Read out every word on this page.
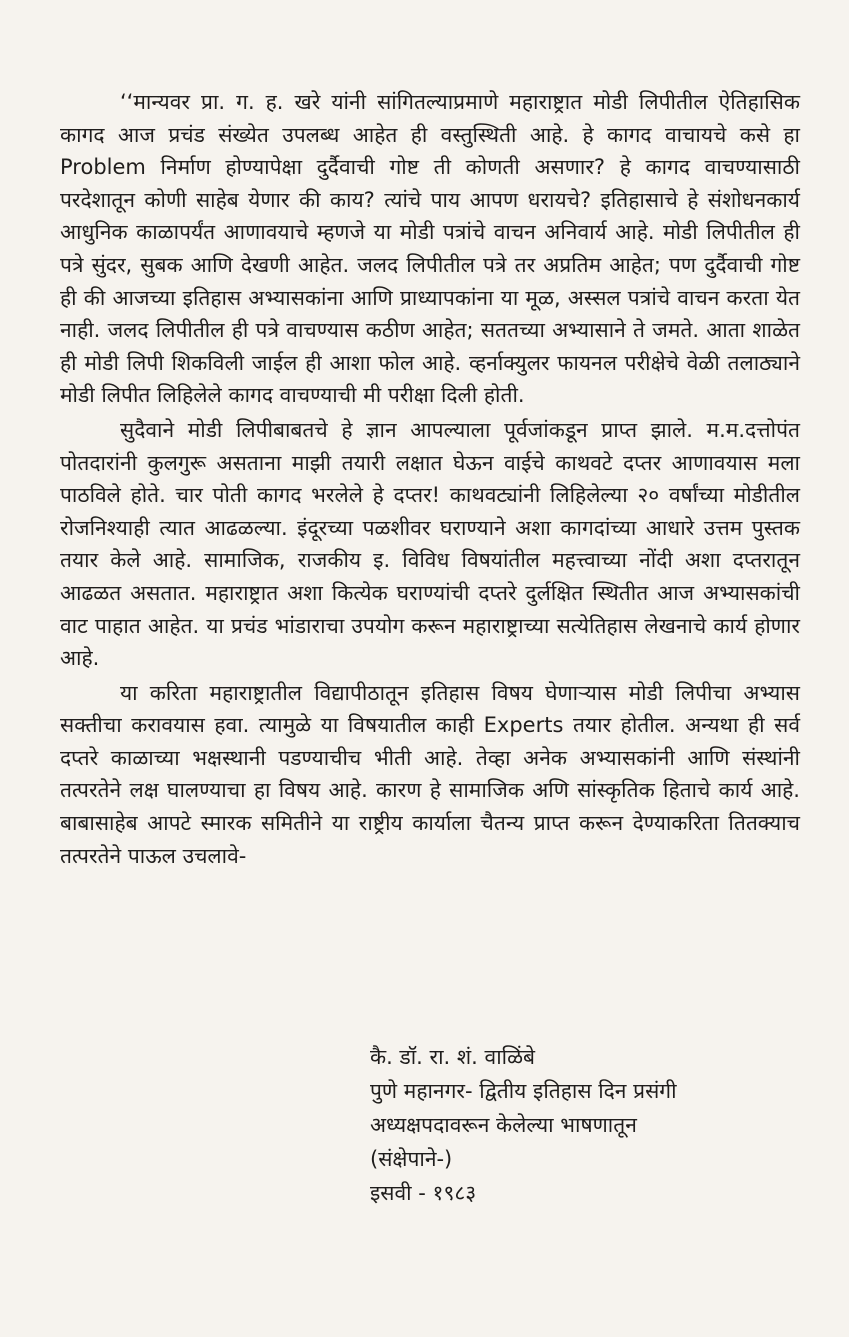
‘‘मान्यवर प्रा. ग. ह. खरे यांनी सांगितल्याप्रमाणे महाराष्ट्रात मोडी लिपीतील ऐतिहासिक कागद आज प्रचंड संख्येत उपलब्ध आहेत ही वस्तुस्थिती आहे. हे कागद वाचायचे कसे हा Problem निर्माण होण्यापेक्षा दुर्दैवाची गोष्ट ती कोणती असणार? हे कागद वाचण्यासाठी परदेशातून कोणी साहेब येणार की काय? त्यांचे पाय आपण धरायचे? इतिहासाचे हे संशोधनकार्य आधुनिक काळापर्यंत आणावयाचे म्हणजे या मोडी पत्रांचे वाचन अनिवार्य आहे. मोडी लिपीतील ही पत्रे सुंदर, सुबक आणि देखणी आहेत. जलद लिपीतील पत्रे तर अप्रतिम आहेत; पण दुर्दैवाची गोष्ट ही की आजच्या इतिहास अभ्यासकांना आणि प्राध्यापकांना या मूळ, अस्सल पत्रांचे वाचन करता येत नाही. जलद लिपीतील ही पत्रे वाचण्यास कठीण आहेत; सततच्या अभ्यासाने ते जमते. आता शाळेत ही मोडी लिपी शिकविली जाईल ही आशा फोल आहे. व्हर्नाक्युलर फायनल परीक्षेचे वेळी तलाठ्याने मोडी लिपीत लिहिलेले कागद वाचण्याची मी परीक्षा दिली होती.

सुदैवाने मोडी लिपीबाबतचे हे ज्ञान आपल्याला पूर्वजांकडून प्राप्त झाले. म.म.दत्तोपंत पोतदारांनी कुलगुरू असताना माझी तयारी लक्षात घेऊन वाईचे काथवटे दप्तर आणावयास मला पाठविले होते. चार पोती कागद भरलेले हे दप्तर! काथवट्यांनी लिहिलेल्या २० वर्षांच्या मोडीतील रोजनिश्याही त्यात आढळल्या. इंदूरच्या पळशीवर घराण्याने अशा कागदांच्या आधारे उत्तम पुस्तक तयार केले आहे. सामाजिक, राजकीय इ. विविध विषयांतील महत्त्वाच्या नोंदी अशा दप्तरातून आढळत असतात. महाराष्ट्रात अशा कित्येक घराण्यांची दप्तरे दुर्लक्षित स्थितीत आज अभ्यासकांची वाट पाहात आहेत. या प्रचंड भांडाराचा उपयोग करून महाराष्ट्राच्या सत्येतिहास लेखनाचे कार्य होणार आहे.

या करिता महाराष्ट्रातील विद्यापीठातून इतिहास विषय घेणाऱ्यास मोडी लिपीचा अभ्यास सक्तीचा करावयास हवा. त्यामुळे या विषयातील काही Experts तयार होतील. अन्यथा ही सर्व दप्तरे काळाच्या भक्षस्थानी पडण्याचीच भीती आहे. तेव्हा अनेक अभ्यासकांनी आणि संस्थांनी तत्परतेने लक्ष घालण्याचा हा विषय आहे. कारण हे सामाजिक अणि सांस्कृतिक हिताचे कार्य आहे. बाबासाहेब आपटे स्मारक समितीने या राष्ट्रीय कार्याला चैतन्य प्राप्त करून देण्याकरिता तितक्याच तत्परतेने पाऊल उचलावे-

कै. डॉ. रा. शं. वाळिंबे
पुणे महानगर- द्वितीय इतिहास दिन प्रसंगी
अध्यक्षपदावरून केलेल्या भाषणातून
(संक्षेपाने-)
इसवी - १९८३
